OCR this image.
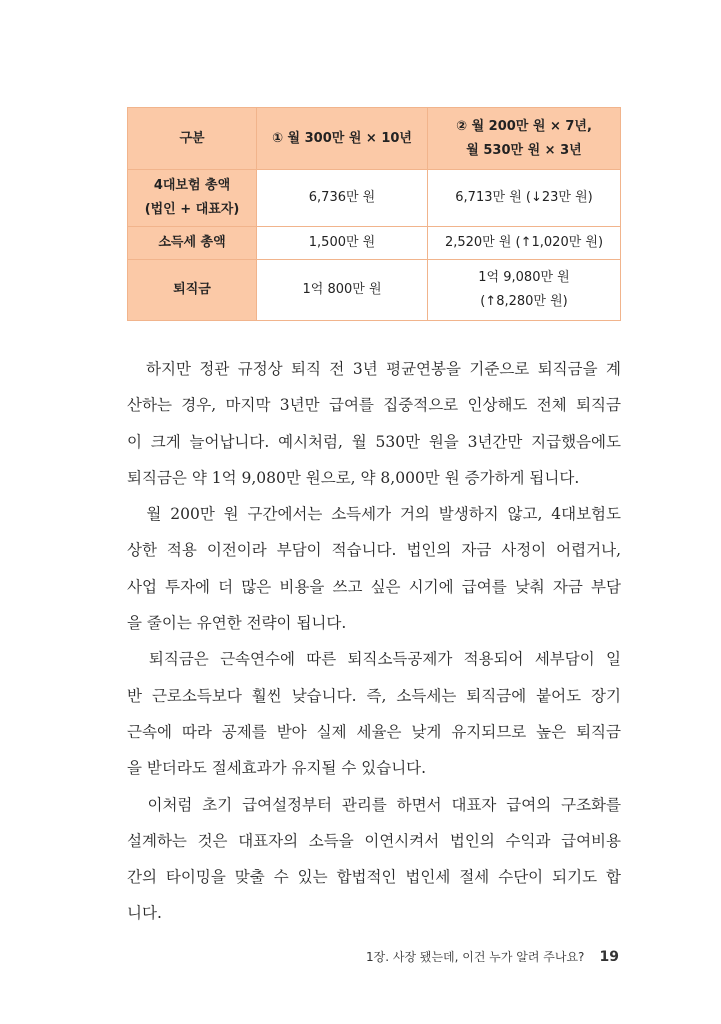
구분	① 월 300만 원 × 10년	② 월 200만 원 × 7년,
월 530만 원 × 3년

4대보험 총액
(법인 + 대표자)	6,736만 원	6,713만 원 (↓23만 원)

소득세 총액	1,500만 원	2,520만 원 (↑1,020만 원)

퇴직금	1억 800만 원	1억 9,080만 원
(↑8,280만 원)
　하지만 정관 규정상 퇴직 전 3년 평균연봉을 기준으로 퇴직금을 계
산하는 경우, 마지막 3년만 급여를 집중적으로 인상해도 전체 퇴직금
이 크게 늘어납니다. 예시처럼, 월 530만 원을 3년간만 지급했음에도
퇴직금은 약 1억 9,080만 원으로, 약 8,000만 원 증가하게 됩니다.
　월 200만 원 구간에서는 소득세가 거의 발생하지 않고, 4대보험도
상한 적용 이전이라 부담이 적습니다. 법인의 자금 사정이 어렵거나,
사업 투자에 더 많은 비용을 쓰고 싶은 시기에 급여를 낮춰 자금 부담
을 줄이는 유연한 전략이 됩니다.
　퇴직금은 근속연수에 따른 퇴직소득공제가 적용되어 세부담이 일
반 근로소득보다 훨씬 낮습니다. 즉, 소득세는 퇴직금에 붙어도 장기
근속에 따라 공제를 받아 실제 세율은 낮게 유지되므로 높은 퇴직금
을 받더라도 절세효과가 유지될 수 있습니다.
　이처럼 초기 급여설정부터 관리를 하면서 대표자 급여의 구조화를
설계하는 것은 대표자의 소득을 이연시켜서 법인의 수익과 급여비용
간의 타이밍을 맞출 수 있는 합법적인 법인세 절세 수단이 되기도 합
니다.
1장. 사장 됐는데, 이건 누가 알려 주나요? 19
